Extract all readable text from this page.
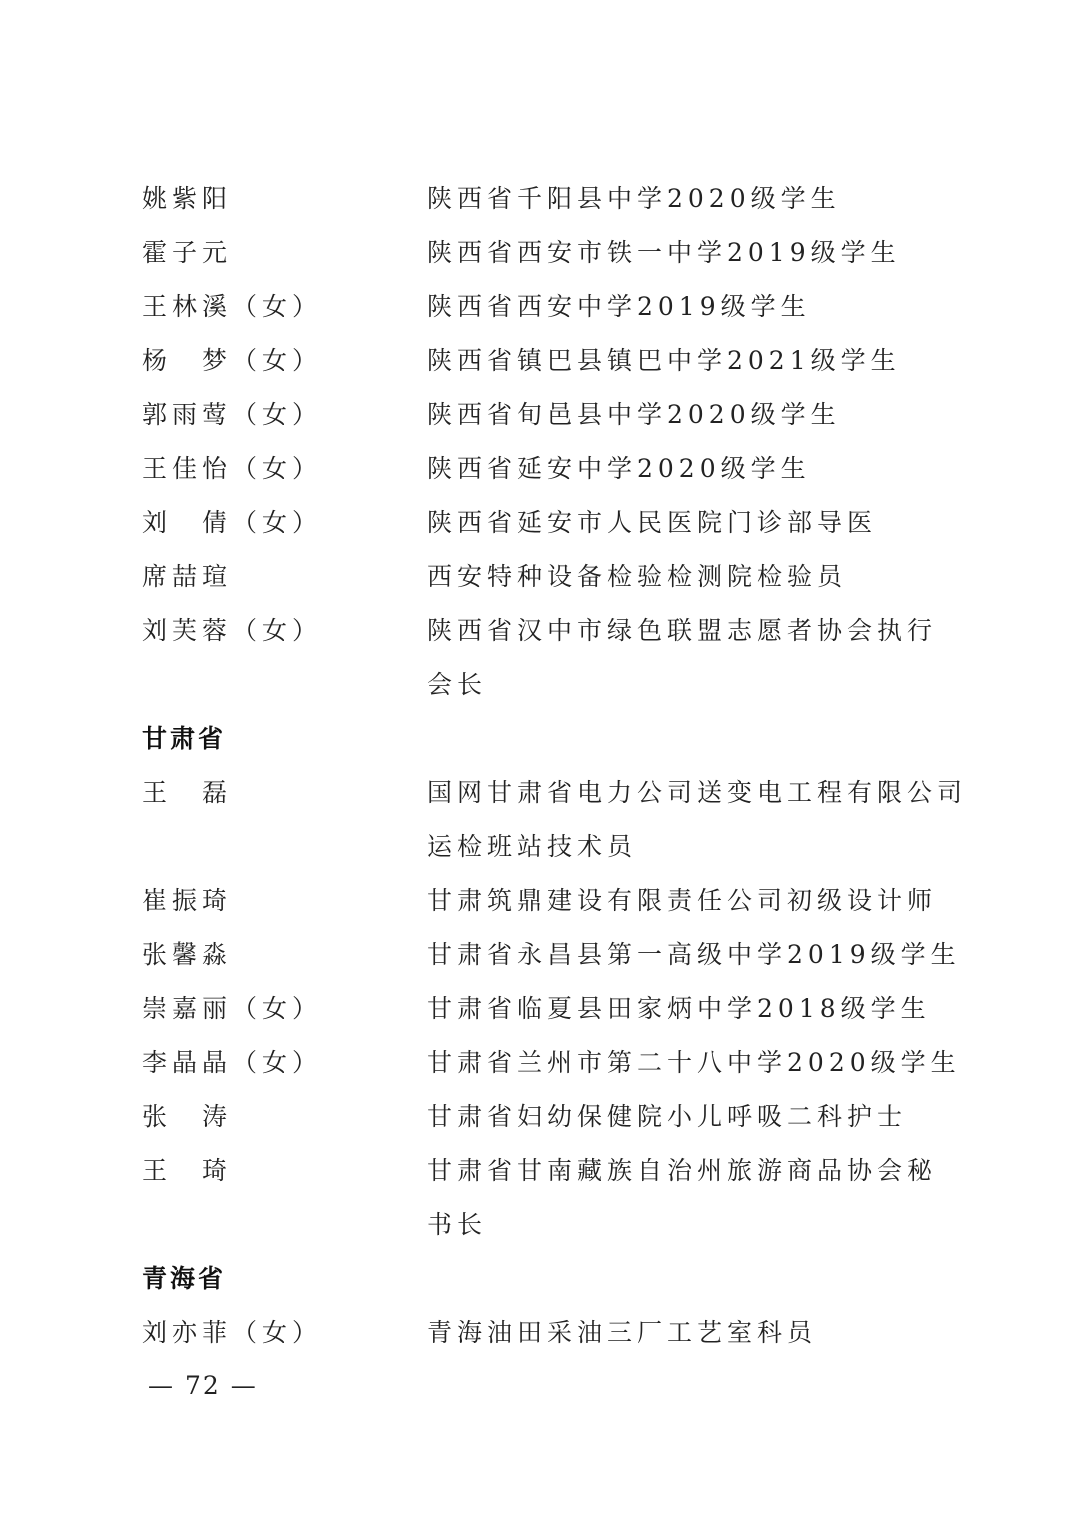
姚紫阳	陕西省千阳县中学2020级学生
霍子元	陕西省西安市铁一中学2019级学生
王林溪（女）	陕西省西安中学2019级学生
杨　梦（女）	陕西省镇巴县镇巴中学2021级学生
郭雨莺（女）	陕西省旬邑县中学2020级学生
王佳怡（女）	陕西省延安中学2020级学生
刘　倩（女）	陕西省延安市人民医院门诊部导医
席喆瑄	西安特种设备检验检测院检验员
刘芙蓉（女）	陕西省汉中市绿色联盟志愿者协会执行
会长
甘肃省
王　磊	国网甘肃省电力公司送变电工程有限公司
运检班站技术员
崔振琦	甘肃筑鼎建设有限责任公司初级设计师
张馨淼	甘肃省永昌县第一高级中学2019级学生
崇嘉丽（女）	甘肃省临夏县田家炳中学2018级学生
李晶晶（女）	甘肃省兰州市第二十八中学2020级学生
张　涛	甘肃省妇幼保健院小儿呼吸二科护士
王　琦	甘肃省甘南藏族自治州旅游商品协会秘
书长
青海省
刘亦菲（女）	青海油田采油三厂工艺室科员
— 72 —
